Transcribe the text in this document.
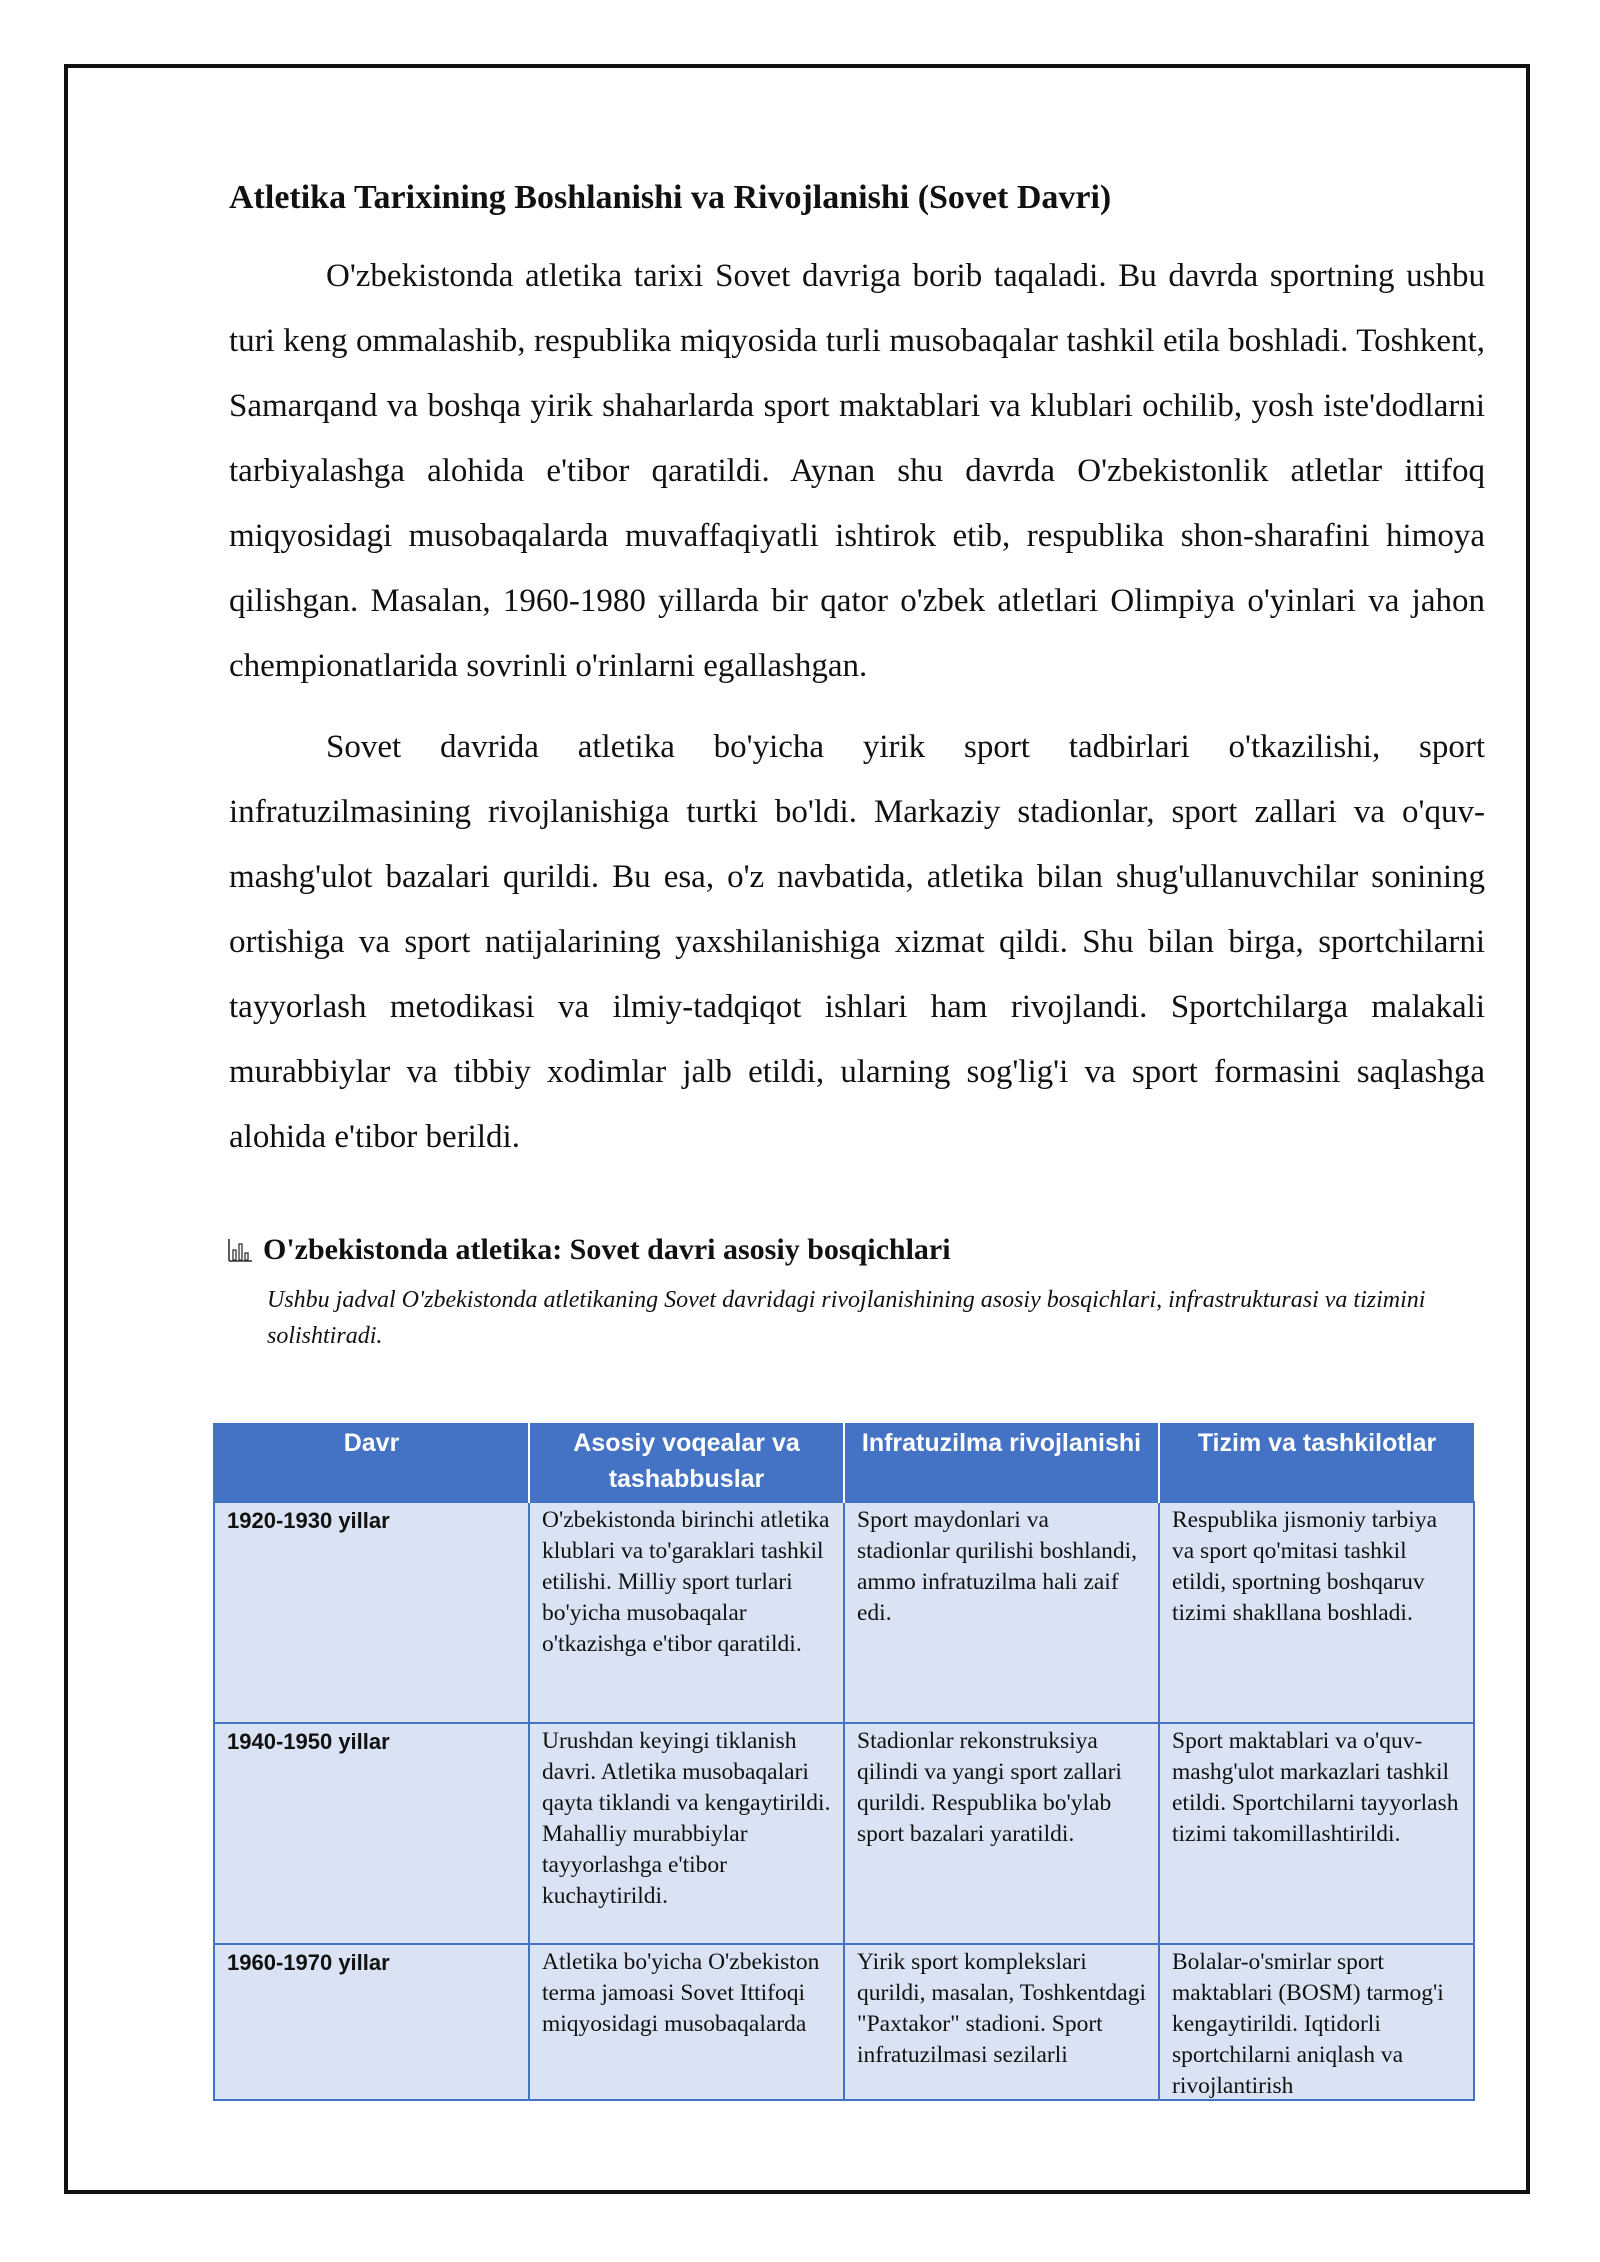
Atletika Tarixining Boshlanishi va Rivojlanishi (Sovet Davri)

O'zbekistonda atletika tarixi Sovet davriga borib taqaladi. Bu davrda sportning ushbu turi keng ommalashib, respublika miqyosida turli musobaqalar tashkil etila boshladi. Toshkent, Samarqand va boshqa yirik shaharlarda sport maktablari va klublari ochilib, yosh iste'dodlarni tarbiyalashga alohida e'tibor qaratildi. Aynan shu davrda O'zbekistonlik atletlar ittifoq miqyosidagi musobaqalarda muvaffaqiyatli ishtirok etib, respublika shon-sharafini himoya qilishgan. Masalan, 1960-1980 yillarda bir qator o'zbek atletlari Olimpiya o'yinlari va jahon chempionatlarida sovrinli o'rinlarni egallashgan.

Sovet davrida atletika bo'yicha yirik sport tadbirlari o'tkazilishi, sport infratuzilmasining rivojlanishiga turtki bo'ldi. Markaziy stadionlar, sport zallari va o'quv-mashg'ulot bazalari qurildi. Bu esa, o'z navbatida, atletika bilan shug'ullanuvchilar sonining ortishiga va sport natijalarining yaxshilanishiga xizmat qildi. Shu bilan birga, sportchilarni tayyorlash metodikasi va ilmiy-tadqiqot ishlari ham rivojlandi. Sportchilarga malakali murabbiylar va tibbiy xodimlar jalb etildi, ularning sog'lig'i va sport formasini saqlashga alohida e'tibor berildi.

O'zbekistonda atletika: Sovet davri asosiy bosqichlari
Ushbu jadval O'zbekistonda atletikaning Sovet davridagi rivojlanishining asosiy bosqichlari, infrastrukturasi va tizimini solishtiradi.
Davr	Asosiy voqealar va tashabbuslar	Infratuzilma rivojlanishi	Tizim va tashkilotlar
1920-1930 yillar	O'zbekistonda birinchi atletika klublari va to'garaklari tashkil etilishi. Milliy sport turlari bo'yicha musobaqalar o'tkazishga e'tibor qaratildi.	Sport maydonlari va stadionlar qurilishi boshlandi, ammo infratuzilma hali zaif edi.	Respublika jismoniy tarbiya va sport qo'mitasi tashkil etildi, sportning boshqaruv tizimi shakllana boshladi.
1940-1950 yillar	Urushdan keyingi tiklanish davri. Atletika musobaqalari qayta tiklandi va kengaytirildi. Mahalliy murabbiylar tayyorlashga e'tibor kuchaytirildi.	Stadionlar rekonstruksiya qilindi va yangi sport zallari qurildi. Respublika bo'ylab sport bazalari yaratildi.	Sport maktablari va o'quv-mashg'ulot markazlari tashkil etildi. Sportchilarni tayyorlash tizimi takomillashtirildi.

1960-1970 yillar	Atletika bo'yicha O'zbekiston terma jamoasi Sovet Ittifoqi miqyosidagi musobaqalarda	Yirik sport komplekslari qurildi, masalan, Toshkentdagi "Paxtakor" stadioni. Sport infratuzilmasi sezilarli	Bolalar-o'smirlar sport maktablari (BOSM) tarmog'i kengaytirildi. Iqtidorli sportchilarni aniqlash va rivojlantirish
